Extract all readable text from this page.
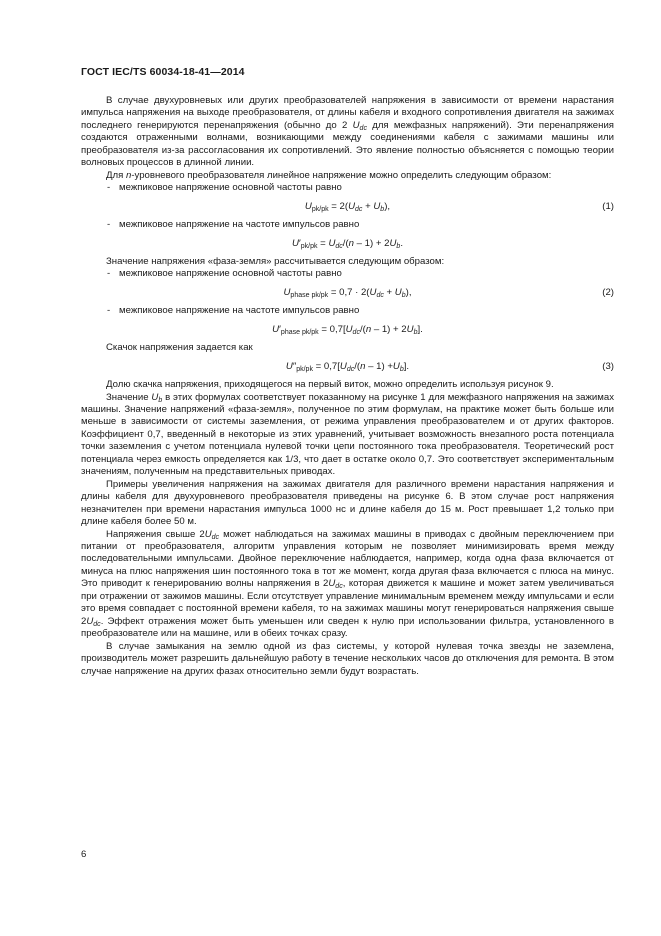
ГОСТ IEC/TS 60034-18-41—2014

В случае двухуровневых или других преобразователей напряжения в зависимости от времени нарастания импульса напряжения на выходе преобразователя, от длины кабеля и входного сопротивления двигателя на зажимах последнего генерируются перенапряжения (обычно до 2 $U_{dc}$ для межфазных напряжений). Эти перенапряжения создаются отраженными волнами, возникающими между соединениями кабеля с зажимами машины или преобразователя из-за рассогласования их сопротивлений. Это явление полностью объясняется с помощью теории волновых процессов в длинной линии.

Для n-уровневого преобразователя линейное напряжение можно определить следующим образом:

- межпиковое напряжение основной частоты равно

$U_{pk/pk} = 2(U_{dc} + U_b)$,	(1)

- межпиковое напряжение на частоте импульсов равно

$U'_{pk/pk} = U_{dc}/(n - 1) + 2U_b$.

Значение напряжения «фаза-земля» рассчитывается следующим образом:

- межпиковое напряжение основной частоты равно

$U_{phase pk/pk} = 0,7 \cdot 2(U_{dc} + U_b)$,	(2)

- межпиковое напряжение на частоте импульсов равно

$U'_{phase pk/pk} = 0,7[U_{dc}/(n - 1) + 2U_b]$.

Скачок напряжения задается как

$U''_{pk/pk} = 0,7[U_{dc}/(n - 1) +U_b]$.	(3)

Долю скачка напряжения, приходящегося на первый виток, можно определить используя рисунок 9.

Значение $U_b$ в этих формулах соответствует показанному на рисунке 1 для межфазного напряжения на зажимах машины. Значение напряжений «фаза-земля», полученное по этим формулам, на практике может быть больше или меньше в зависимости от системы заземления, от режима управления преобразователем и от других факторов. Коэффициент 0,7, введенный в некоторые из этих уравнений, учитывает возможность внезапного роста потенциала точки заземления с учетом потенциала нулевой точки цепи постоянного тока преобразователя. Теоретический рост потенциала через емкость определяется как 1/3, что дает в остатке около 0,7. Это соответствует экспериментальным значениям, полученным на представительных приводах.

Примеры увеличения напряжения на зажимах двигателя для различного времени нарастания напряжения и длины кабеля для двухуровневого преобразователя приведены на рисунке 6. В этом случае рост напряжения незначителен при времени нарастания импульса 1000 нс и длине кабеля до 15 м. Рост превышает 1,2 только при длине кабеля более 50 м.

Напряжения свыше $2U_{dc}$ может наблюдаться на зажимах машины в приводах с двойным переключением при питании от преобразователя, алгоритм управления которым не позволяет минимизировать время между последовательными импульсами. Двойное переключение наблюдается, например, когда одна фаза включается от минуса на плюс напряжения шин постоянного тока в тот же момент, когда другая фаза включается с плюса на минус. Это приводит к генерированию волны напряжения в $2U_{dc}$, которая движется к машине и может затем увеличиваться при отражении от зажимов машины. Если отсутствует управление минимальным временем между импульсами и если это время совпадает с постоянной времени кабеля, то на зажимах машины могут генерироваться напряжения свыше $2U_{dc}$. Эффект отражения может быть уменьшен или сведен к нулю при использовании фильтра, установленного в преобразователе или на машине, или в обеих точках сразу.

В случае замыкания на землю одной из фаз системы, у которой нулевая точка звезды не заземлена, производитель может разрешить дальнейшую работу в течение нескольких часов до отключения для ремонта. В этом случае напряжение на других фазах относительно земли будут возрастать.

6
